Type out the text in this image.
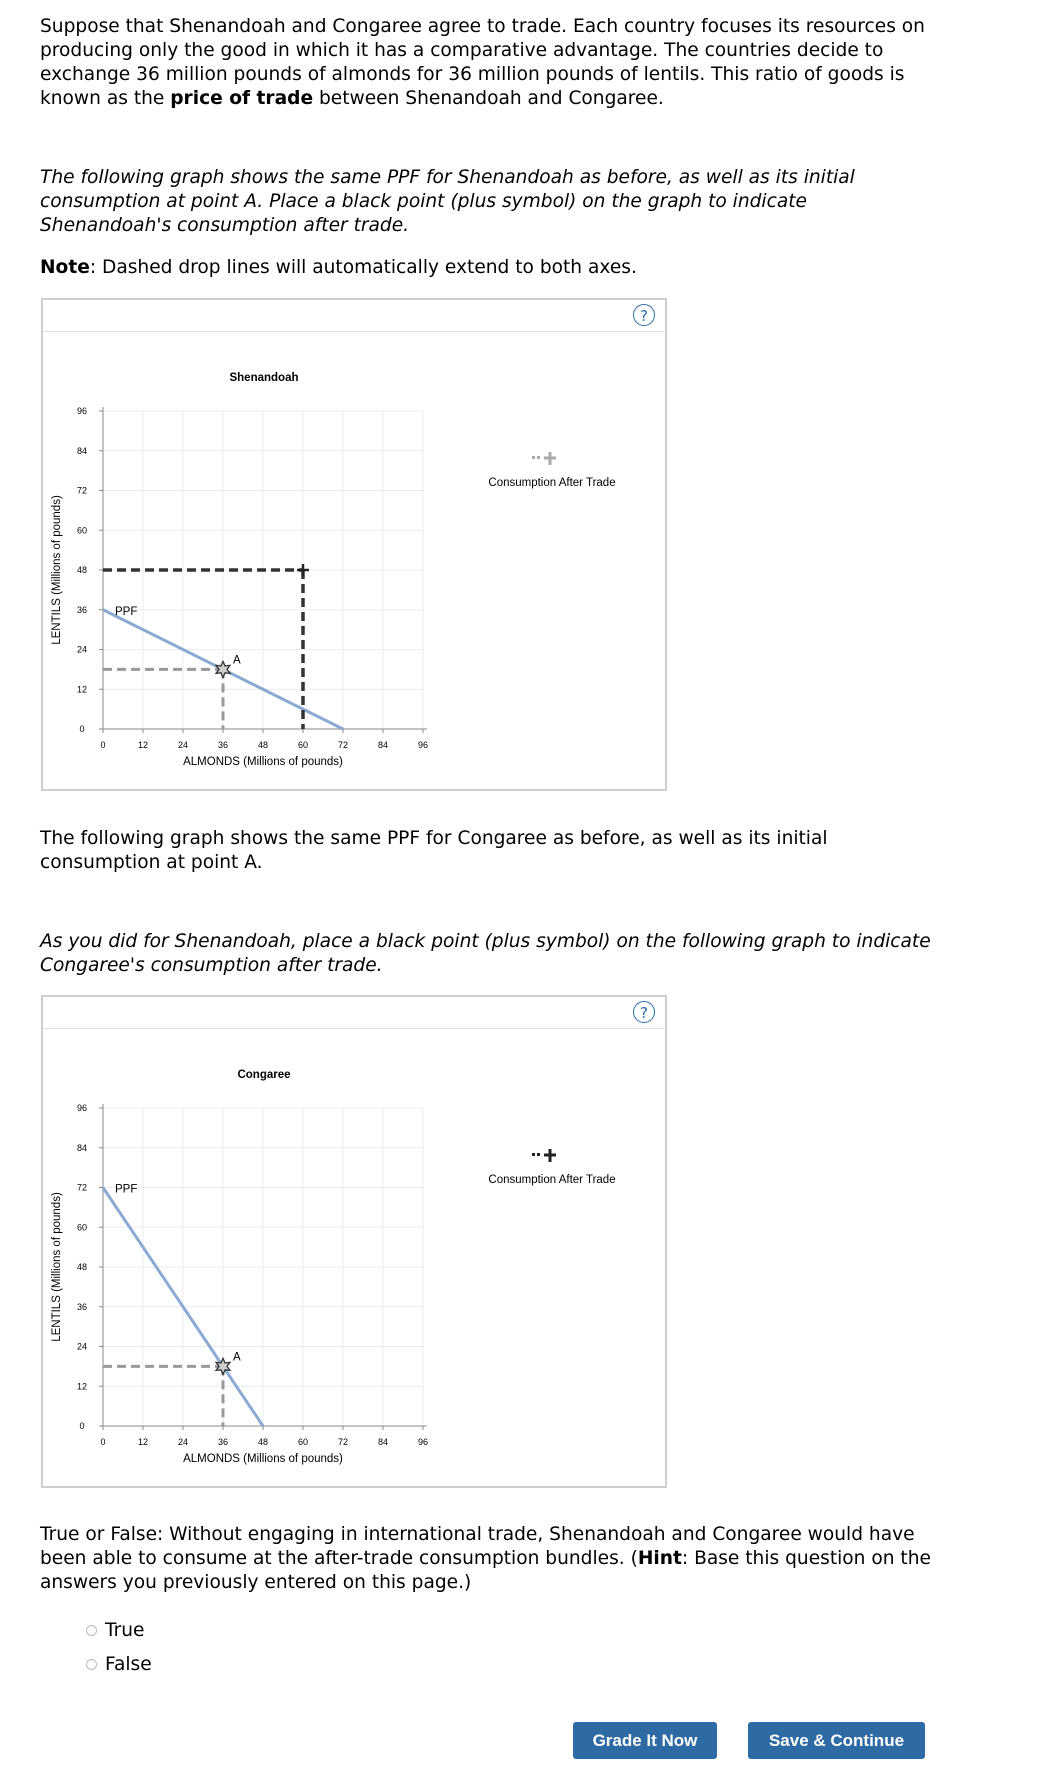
Suppose that Shenandoah and Congaree agree to trade. Each country focuses its resources on producing only the good in which it has a comparative advantage. The countries decide to exchange 36 million pounds of almonds for 36 million pounds of lentils. This ratio of goods is known as the price of trade between Shenandoah and Congaree.

The following graph shows the same PPF for Shenandoah as before, as well as its initial consumption at point A. Place a black point (plus symbol) on the graph to indicate Shenandoah's consumption after trade.

Note: Dashed drop lines will automatically extend to both axes.

?
Shenandoah
0	12	24	36	48	60	72	84	96
0
12
24
36
48
60
72
84
96
ALMONDS (Millions of pounds)
LENTILS (Millions of pounds)	PPF
A
Consumption After Trade

The following graph shows the same PPF for Congaree as before, as well as its initial consumption at point A.

As you did for Shenandoah, place a black point (plus symbol) on the following graph to indicate Congaree's consumption after trade.

?
Congaree
0	12	24	36	48	60	72	84	96
0
12
24
36
48
60
72
84
96
ALMONDS (Millions of pounds)
LENTILS (Millions of pounds)
PPF
A
Consumption After Trade

True or False: Without engaging in international trade, Shenandoah and Congaree would have been able to consume at the after-trade consumption bundles. (Hint: Base this question on the answers you previously entered on this page.)

True
False
Grade It Now	Save & Continue
